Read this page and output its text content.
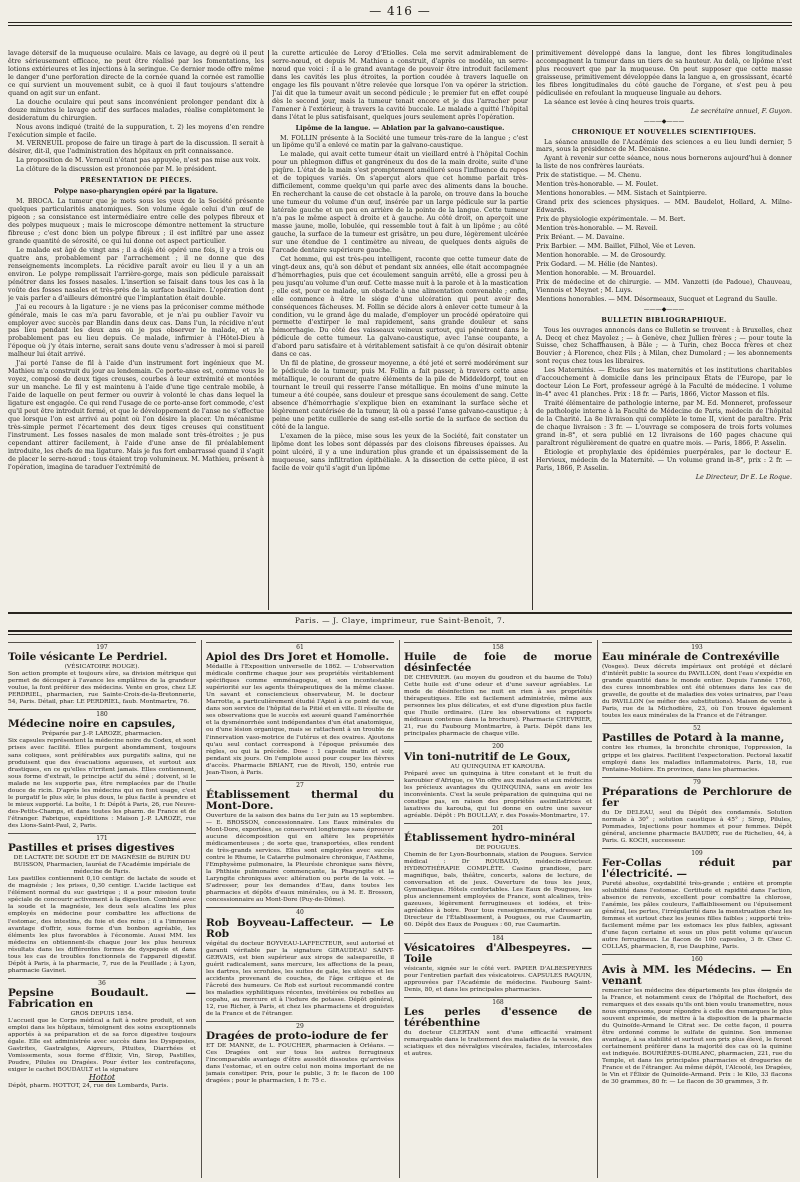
— 416 —

lavage détersif de la muqueuse oculaire. Mais ce lavage, au degré où il peut être sérieusement efficace, ne peut être réalisé par les fomentations, les lotions extérieures et les injections à la seringue. Ce dernier mode offre même le danger d'une perforation directe de la cornée quand la cornée est ramollie ce qui survient un mouvement subit, ce à quoi il faut toujours s'attendre quand on agit sur un enfant.

La douche oculaire qui peut sans inconvénient prolonger pendant dix à douze minutes le lavage actif des surfaces malades, réalise complètement le desideratum du chirurgien.

Nous avons indiqué (traité de la suppuration, t. 2) les moyens d'en rendre l'exécution simple et facile.

M. VERNEUIL propose de faire un tirage à part de la discussion. Il serait à désirer, dit-il, que l'administration des hôpitaux en prît connaissance.

La proposition de M. Verneuil n'étant pas appuyée, n'est pas mise aux voix.

La clôture de la discussion est prononcée par M. le président.

PRÉSENTATION DE PIÈCES.

Polype naso-pharyngien opéré par la ligature.

M. BROCA. La tumeur que je mets sous les yeux de la Société présente quelques particularités anatomiques. Son volume égale celui d'un œuf de pigeon ; sa consistance est intermédiaire entre celle des polypes fibreux et des polypes muqueux ; mais le microscope démontre nettement la structure fibreuse ; c'est donc bien un polype fibreux ; il est infiltré par une assez grande quantité de sérosité, ce qui lui donne cet aspect particulier.

Le malade est âgé de vingt ans ; il a déjà été opéré une fois, il y a trois ou quatre ans, probablement par l'arrachement ; il ne donne que des renseignements incomplets. La récidive paraît avoir eu lieu il y a un an environ. Le polype remplissait l'arrière-gorge, mais son pédicule paraissait pénétrer dans les fosses nasales. L'insertion se faisait dans tous les cas à la voûte des fosses nasales et très-près de la surface basilaire. L'opération dont je vais parler a d'ailleurs démontré que l'implantation était double.

J'ai eu recours à la ligature : je ne viens pas la préconiser comme méthode générale, mais le cas m'a paru favorable, et je n'ai pu oublier l'avoir vu employer avec succès par Blandin dans deux cas. Dans l'un, la récidive n'eut pas lieu pendant les deux ans où je pus observer le malade, et n'a probablement pas eu lieu depuis. Ce malade, infirmier à l'Hôtel-Dieu à l'époque où j'y étais interne, serait sans doute venu s'adresser à moi si pareil malheur lui était arrivé.

J'ai porté l'anse de fil à l'aide d'un instrument fort ingénieux que M. Mathieu m'a construit du jour au lendemain. Ce porte-anse est, comme vous le voyez, composé de deux tiges creuses, courbes à leur extrémité et montées sur un manche. Le fil y est maintenu à l'aide d'une tige centrale mobile, à l'aide de laquelle on peut fermer ou ouvrir à volonté le chas dans lequel la ligature est engagée. Ce qui rend l'usage de ce porte-anse fort commode, c'est qu'il peut être introduit fermé, et que le développement de l'anse ne s'effectue que lorsque l'on est arrivé au point où l'on désire la placer. Un mécanisme très-simple permet l'écartement des deux tiges creuses qui constituent l'instrument. Les fosses nasales de mon malade sont très-étroites ; je pus cependant attirer facilement, à l'aide d'une anse de fil préalablement introduite, les chefs de ma ligature. Mais je fus fort embarrassé quand il s'agit de placer le serre-nœud : tous étaient trop volumineux. M. Mathieu, présent à l'opération, imagina de taraduer l'extrémité de

la curette articulée de Leroy d'Étiolles. Cela me servit admirablement de serre-nœud, et depuis M. Mathieu a construit, d'après ce modèle, un serre-nœud que voici : il a le grand avantage de pouvoir être introduit facilement dans les cavités les plus étroites, la portion coudée à travers laquelle on engage les fils pouvant n'être relevée que lorsque l'on va opérer la striction. J'ai dit que la tumeur avait un second pédicule ; le premier fut en effet coupé dès le second jour, mais la tumeur tenait encore et je dus l'arracher pour l'amener à l'extérieur, à travers la cavité buccale. Le malade a quitté l'hôpital dans l'état le plus satisfaisant, quelques jours seulement après l'opération.

Lipôme de la langue. — Ablation par la galvano-caustique.

M. FOLLIN présente à la Société une tumeur très-rare de la langue ; c'est un lipôme qu'il a enlevé ce matin par la galvano-caustique.

Le malade, qui avait cette tumeur était un vieillard entré à l'hôpital Cochin pour un phlegmon diffus et gangréneux du dos de la main droite, suite d'une piqûre. L'état de la main s'est promptement amélioré sous l'influence du repos et de topiques variés. On s'aperçut alors que cet homme parlait très-difficilement, comme quelqu'un qui parle avec des aliments dans la bouche. En recherchant la cause de cet obstacle à la parole, on trouve dans la bouche une tumeur du volume d'un œuf, insérée par un large pédicule sur la partie latérale gauche et un peu en arrière de la pointe de la langue. Cette tumeur n'a pas le même aspect à droite et à gauche. Au côté droit, on aperçoit une masse jaune, molle, lobulée, qui ressemble tout à fait à un lipôme ; au côté gauche, la surface de la tumeur est grisâtre, un peu dure, légèrement ulcérée sur une étendue de 1 centimètre au niveau, de quelques dents aiguës de l'arcade dentaire supérieure gauche.

Cet homme, qui est très-peu intelligent, raconte que cette tumeur date de vingt-deux ans, qu'à son début et pendant six années, elle était accompagnée d'hémorrhagies, puis que cet écoulement sanguin arrêté, elle a grossi peu à peu jusqu'au volume d'un œuf. Cette masse nuit à la parole et à la mastication ; elle est, pour ce malade, un obstacle à une alimentation convenable ; enfin, elle commence à être le siége d'une ulcération qui peut avoir des conséquences fâcheuses. M. Follin se décide alors à enlever cette tumeur à la condition, vu le grand âge du malade, d'employer un procédé opératoire qui permette d'extirper le mal rapidement, sans grande douleur et sans hémorrhagie. Du côté des vaisseaux veineux surtout, qui pénètrent dans le pédicule de cette tumeur. La galvano-caustique, avec l'anse coupante, a d'abord paru satisfaire et à véritablement satisfait à ce qu'on désirait obtenir dans ce cas.

Un fil de platine, de grosseur moyenne, a été jeté et serré modérément sur le pédicule de la tumeur, puis M. Follin a fait passer, à travers cette anse métallique, le courant de quatre éléments de la pile de Middeldorpf, tout en tournant le treuil qui resserre l'anse métallique. En moins d'une minute la tumeur a été coupée, sans douleur et presque sans écoulement de sang. Cette absence d'hémorrhagie s'explique bien en examinant la surface sèche et légèrement cautérisée de la tumeur, là où a passé l'anse galvano-caustique ; à peine une petite cuillerée de sang est-elle sortie de la surface de section du côté de la langue.

L'examen de la pièce, mise sous les yeux de la Société, fait constater un lipôme dont les lobes sont dépassés par des cloisons fibreuses épaisses. Au point ulcéré, il y a une induration plus grande et un épaississement de la muqueuse, sans infiltration épithéliale. A la dissection de cette pièce, il est facile de voir qu'il s'agit d'un lipôme

primitivement développé dans la langue, dont les fibres longitudinales accompagnent la tumeur dans un tiers de sa hauteur. Au delà, ce lipôme n'est plus recouvert que par la muqueuse. On peut supposer que cette masse graisseuse, primitivement développée dans la langue a, en grossissant, écarté les fibres longitudinales du côté gauche de l'organe, et s'est peu à peu pédiculisée en refoulant la muqueuse linguale au dehors.

La séance est levée à cinq heures trois quarts.

Le secrétaire annuel, F. Guyon.

———◆———

CHRONIQUE ET NOUVELLES SCIENTIFIQUES.

La séance annuelle de l'Académie des sciences a eu lieu lundi dernier, 5 mars, sous la présidence de M. Decaisne.

Ayant à revenir sur cette séance, nous nous bornerons aujourd'hui à donner la liste de nos confrères lauréats.

Prix de statistique. — M. Chenu.

Mention très-honorable. — M. Foulet.

Mentions honorables. — MM. Sistach et Saintpierre.

Grand prix des sciences physiques. — MM. Baudelot, Hollard, A. Milne-Edwards.

Prix de physiologie expérimentale. — M. Bert.

Mention très-honorable. — M. Reveil.

Prix Bréant. — M. Davaine.

Prix Barbier. — MM. Baillet, Filhol, Vée et Leven.

Mention honorable. — M. de Grosourdy.

Prix Godard. — M. Hélie (de Nantes).

Mention honorable. — M. Brouardel.

Prix de médecine et de chirurgie. — MM. Vanzetti (de Padoue), Chauveau, Viennois et Meynet ; M. Luys.

Mentions honorables. — MM. Désormeaux, Sucquet et Legrand du Saulle.

———◆———

BULLETIN BIBLIOGRAPHIQUE.

Tous les ouvrages annoncés dans ce Bulletin se trouvent : à Bruxelles, chez A. Decq et chez Mayolez ; — à Genève, chez Jullien frères ; — pour toute la Suisse, chez Schaffhausen, à Bâle ; — à Turin, chez Bocca frères et chez Bouvier ; à Florence, chez Fils ; à Milan, chez Dumolard ; — les abonnements sont reçus chez tous les libraires.

Les Maternités. — Études sur les maternités et les institutions charitables d'accouchement à domicile dans les principaux États de l'Europe, par le docteur Léon Le Fort, professeur agrégé à la Faculté de médecine. 1 volume in-4° avec 41 planches. Prix : 18 fr. — Paris, 1866, Victor Masson et fils.

Traité élémentaire de pathologie interne, par M. Ed. Monneret, professeur de pathologie interne à la Faculté de Médecine de Paris, médecin de l'hôpital de la Charité. La 8e livraison qui complète le tome II, vient de paraître. Prix de chaque livraison : 3 fr. — L'ouvrage se composera de trois forts volumes grand in-8°, et sera publié en 12 livraisons de 160 pages chacune qui paraîtront régulièrement de quatre en quatre mois. — Paris, 1866, P. Asselin.

Étiologie et prophylaxie des épidémies puerpérales, par le docteur E. Hervieux, médecin de la Maternité. — Un volume grand in-8°, prix : 2 fr. — Paris, 1866, P. Asselin.

Le Directeur, Dr E. Le Roque.

Paris. — J. Claye, imprimeur, rue Saint-Benoît, 7.
197
Toile vésicante Le Perdriel.

(VÉSICATOIRE ROUGE).

Son action prompte et toujours sûre, sa division métrique qui permet de découper à l'avance les emplâtres de la grandeur voulue, la font préférer des médecins. Vente en gros, chez LE PERDRIEL, pharmacien, rue Sainte-Croix-de-la-Bretonnerie, 54, Paris. Détail, phar. LE PERDRIEL, faub. Montmartre, 76.

180
Médecine noire en capsules,

Préparée par J.-P. LAROZE, pharmacien.

Six capsules représentent la médecine noire du Codex, et sont prises avec facilité. Elles purgent abondamment, toujours sans coliques, sont préférables aux purgatifs salins, qui ne produisent que des évacuations aqueuses, et surtout aux drastiques, en ce qu'elles n'irritent jamais. Elles contiennent, sous forme d'extrait, le principe actif du séné ; doivent, si le malade ne les supporte pas, être remplacées par de l'huile douce de ricin. D'après les médecins qui en font usage, c'est le purgatif le plus sûr, le plus doux, le plus facile à prendre et le mieux supporté. La boîte, 1 fr. Dépôt à Paris, 26, rue Neuve-des-Petits-Champs, et dans toutes les pharm. de France et de l'étranger. Fabrique, expéditions : Maison J.-P. LAROZE, rue des Lions-Saint-Paul, 2, Paris.

171
Pastilles et prises digestives

DE LACTATE DE SOUDE ET DE MAGNÉSIE de BURIN DU BUISSON, Pharmacien, lauréat de l'Académie impériale de médecine de Paris.

Les pastilles contiennent 0,10 centigr. de lactate de soude et de magnésie ; les prises, 0,30 centigr. L'acide lactique est l'élément normal du suc gastrique ; il a pour mission toute spéciale de concourir activement à la digestion. Combiné avec la soude et la magnésie, les deux sels alcalins les plus employés en médecine pour combattre les affections de l'estomac, des intestins, du foie et des reins ; il a l'immense avantage d'offrir, sous forme d'un bonbon agréable, les éléments les plus favorables à l'économie. Aussi MM. les médecins en obtiennent-ils chaque jour les plus heureux résultats dans les différentes formes de dyspepsie et dans tous les cas de troubles fonctionnels de l'appareil digestif. Dépôt à Paris, à la pharmacie, 7, rue de la Feuillade ; à Lyon, pharmacie Gavinet.

36
Pepsine Boudault. — Fabrication en

GROS DEPUIS 1854.

L'accueil que le Corps médical a fait à notre produit, et son emploi dans les hôpitaux, témoignent des soins exceptionnels apportés à sa préparation et de sa force digestive toujours égale. Elle est administrée avec succès dans les Dyspepsies, Gastrites, Gastralgies, Aigreurs, Pituites, Diarrhées et Vomissements, sous forme d'Élixir, Vin, Sirop, Pastilles, Poudre, Pilules ou Dragées. Pour éviter les contrefaçons, exiger le cachet BOUDAULT et la signature

Hottot

Dépôt, pharm. HOTTOT, 24, rue des Lombards, Paris.

61
Apiol des Drs Joret et Homolle.

Médaille à l'Exposition universelle de 1862. — L'observation médicale confirme chaque jour ses propriétés véritablement spécifiques comme emménagogue, et son incontestable supériorité sur les agents thérapeutiques de la même classe. Un savant et consciencieux observateur, M. le docteur Marrotte, a particulièrement étudié l'Apiol à ce point de vue, dans son service de l'hôpital de la Pitié et en ville. Il résulte de ses observations que le succès est assuré quand l'aménorrhée et la dysménorrhée sont indépendantes d'un état anatomique, ou d'une lésion organique, mais se rattachent à un trouble de l'innervation vaso-motrice de l'utérus et des ovaires. Ajoutons qu'au seul contact correspond à l'époque présumée des règles, ou qui la précède. Dose : 1 capsule matin et soir, pendant six jours. On l'emploie aussi pour couper les fièvres d'accès. Pharmacie BRIANT, rue de Rivoli, 150, entrée rue Jean-Tison, à Paris.

27
Établissement thermal du Mont-Dore.

Ouverture de la saison des bains du 1er juin au 15 septembre.— E. BROSSON, concessionnaire. Les Eaux minérales du Mont-Dore, exportées, se conservent longtemps sans éprouver aucune décomposition qui en altère les propriétés médicamenteuses ; de sorte que, transportées, elles rendent de très-grands services. Elles sont employées avec succès contre le Rhume, le Catarrhe pulmonaire chronique, l'Asthme, l'Emphysème pulmonaire, la Pleurésie chronique sans fièvre, la Phthisie pulmonaire commençante, la Pharyngite et la Laryngite chroniques avec altération ou perte de la voix. — S'adresser, pour les demandes d'Eau, dans toutes les pharmacies et dépôts d'eaux minérales, ou à M. E. Brosson, concessionnaire au Mont-Dore (Puy-de-Dôme).

40
Rob Boyveau-Laffecteur. — Le Rob

végétal du docteur BOYVEAU-LAFFECTEUR, seul autorisé et garanti véritable par la signature GIRAUDEAU SAINT-GERVAIS, est bien supérieur aux sirops de salsepareille, il guérit radicalement, sans mercure, les affections de la peau, les dartres, les scrofules, les suites de gale, les ulcères et les accidents provenant de couches, de l'âge critique et de l'âcreté des humeurs. Ce Rob est surtout recommandé contre les maladies syphilitiques récentes, invétérées ou rebelles au copahu, au mercure et à l'iodure de potasse. Dépôt général, 12, rue Richer, à Paris, et chez les pharmaciens et droguistes de la France et de l'étranger.

29
Dragées de proto-iodure de fer

ET DE MANNE, de L. FOUCHER, pharmacien à Orléans. — Ces Dragées ont sur tous les autres ferrugineux l'incomparable avantage d'être aussitôt dissoutes qu'arrivées dans l'estomac, et en outre celui non moins important de ne jamais constiper. Prix, pour le public, 3 fr. le flacon de 100 dragées ; pour le pharmacien, 1 fr. 75 c.

158
Huile de foie de morue désinfectée

DE CHEVRIER. (au moyen du goudron et du baume de Tolu) Cette huile est d'une odeur et d'une saveur agréables. Le mode de désinfection ne nuit en rien à ses propriétés thérapeutiques. Elle est facilement administrée, même aux personnes les plus délicates, et est d'une digestion plus facile que l'huile ordinaire. (Lire les observations et rapports médicaux contenus dans la brochure). Pharmacie CHEVRIER, 21, rue du Faubourg Montmartre, à Paris. Dépôt dans les principales pharmacie de chaque ville.

200
Vin toni-nutritif de Le Goux,

AU QUINQUINA ET KAROUBA.

Préparé avec un quinquina à titre constant et le fruit du karoubier d'Afrique, ce Vin offre aux malades et aux médecins les précieux avantages du QUINQUINA, sans en avoir les inconvénients. C'est la seule préparation de quinquina qui ne constipe pas, en raison des propriétés assimilatrices et laxatives du karouba, qui lui donne en outre une saveur agréable. Dépôt : Ph BOULLAY, r. des Fossés-Montmartre, 17.

201
Établissement hydro-minéral

DE POUGUES.

Chemin de fer Lyon-Bourbonnais, station de Pougues. Service médical : Dr ROUBAUD, médecin-directeur. HYDROTHÉRAPIE COMPLÈTE. Casino grandiose, parc magnifique, bals, théâtre, concerts, salons de lecture, de conversation et de jeux. Ouverture de tous les jeux, Gymnastique. Hôtels confortables. Les Eaux de Pougues, les plus anciennement employées de France, sont alcalines, très-gazeuses, légèrement ferrugineuses et iodées, et très-agréables à boire. Pour tous renseignements, s'adresser au Directeur de l'Établissement, à Pougues, ou rue Caumartin, 60. Dépôt des Eaux de Pougues : 60, rue Caumartin.

184
Vésicatoires d'Albespeyres. — Toile

vésicante, signée sur le côté vert. PAPIER D'ALBESPEYRES pour l'entretien parfait des vésicatoires. CAPSULES RAQUIN, approuvées par l'Académie de médecine. Faubourg Saint-Denis, 80, et dans les principales pharmacies.

168
Les perles d'essence de térébenthine

du docteur CLERTAN sont d'une efficacité vraiment remarquable dans le traitement des maladies de la vessie, des sciatiques et des névralgies viscérales, faciales, intercostales et autres.

193
Eau minérale de Contrexéville

(Vosges). Deux décrets impériaux ont protégé et déclaré d'intérêt public la source du PAVILLON, dont l'eau s'expédie en grande quantité dans le monde entier. Depuis l'année 1760, des cures innombrables ont été obtenues dans les cas de gravelle, de goutte et de maladies des voies urinaires, par l'eau du PAVILLON (se méfier des substitutions). Maison de vente à Paris, rue de la Michodière, 23, où l'on trouve également toutes les eaux minérales de la France et de l'étranger.

52
Pastilles de Potard à la manne,

contre les rhumes, la bronchite chronique, l'oppression, la grippe et les glaires. Facilitent l'expectoration. Pectoral laxatif employé dans les maladies inflammatoires. Paris, 18, rue Fontaine-Molière. En province, dans les pharmacies.

79
Préparations de Perchlorure de fer

du Dr DELEAU, seul du Dépôt des condamnés. Solution normale à 30° ; solution caustique à 45° ; Sirop, Pilules, Pommades, Injections pour hommes et pour femmes. Dépôt général, ancienne pharmacie BAUDRY, rue de Richelieu, 44, à Paris. G. KOCH, successeur.

109
Fer-Collas réduit par l'électricité. —

Pureté absolue, oxydabilité très-grande ; entière et prompte solubilité dans l'estomac. Certitude et rapidité dans l'action, absence de renvois, excellent pour combattre la chlorose, l'anémie, les pâles couleurs, l'affaiblissement ou l'épuisement général, les pertes, l'irrégularité dans la menstruation chez les femmes et surtout chez les jeunes filles faibles ; supporté très-facilement même par les estomacs les plus faibles, agissant d'une façon certaine et sous un plus petit volume qu'aucun autre ferrugineux. Le flacon de 100 capsules, 3 fr. Chez C. COLLAS, pharmacien, 8, rue Dauphine, Paris.

160
Avis à MM. les Médecins. — En venant

remercier les médecins des départements les plus éloignés de la France, et notamment ceux de l'hôpital de Rochefort, des remarques et des essais qu'ils ont bien voulu transmettre, nous nous empressons, pour répondre à celle des remarques le plus souvent exprimée, de mettre à la disposition de la pharmacie du Quinoïde-Armand le Citrat sec. De cette façon, il pourra être ordonné comme le sulfate de quinine. Son immense avantage, à sa stabilité et surtout son prix plus élevé, le feront certainement préférer dans la majorité des cas où la quinine est indiquée. BOURIÈRES-DUBLANC, pharmacien, 221, rue du Temple, et dans les principales pharmacies et drogueries de France et de l'étranger. Au même dépôt, l'Alcoolé, les Dragées, le Vin et l'Élixir de Quinoïde-Armand. Prix : le Kilo, 33 flacons de 30 grammes, 80 fr. — Le flacon de 30 grammes, 3 fr.
